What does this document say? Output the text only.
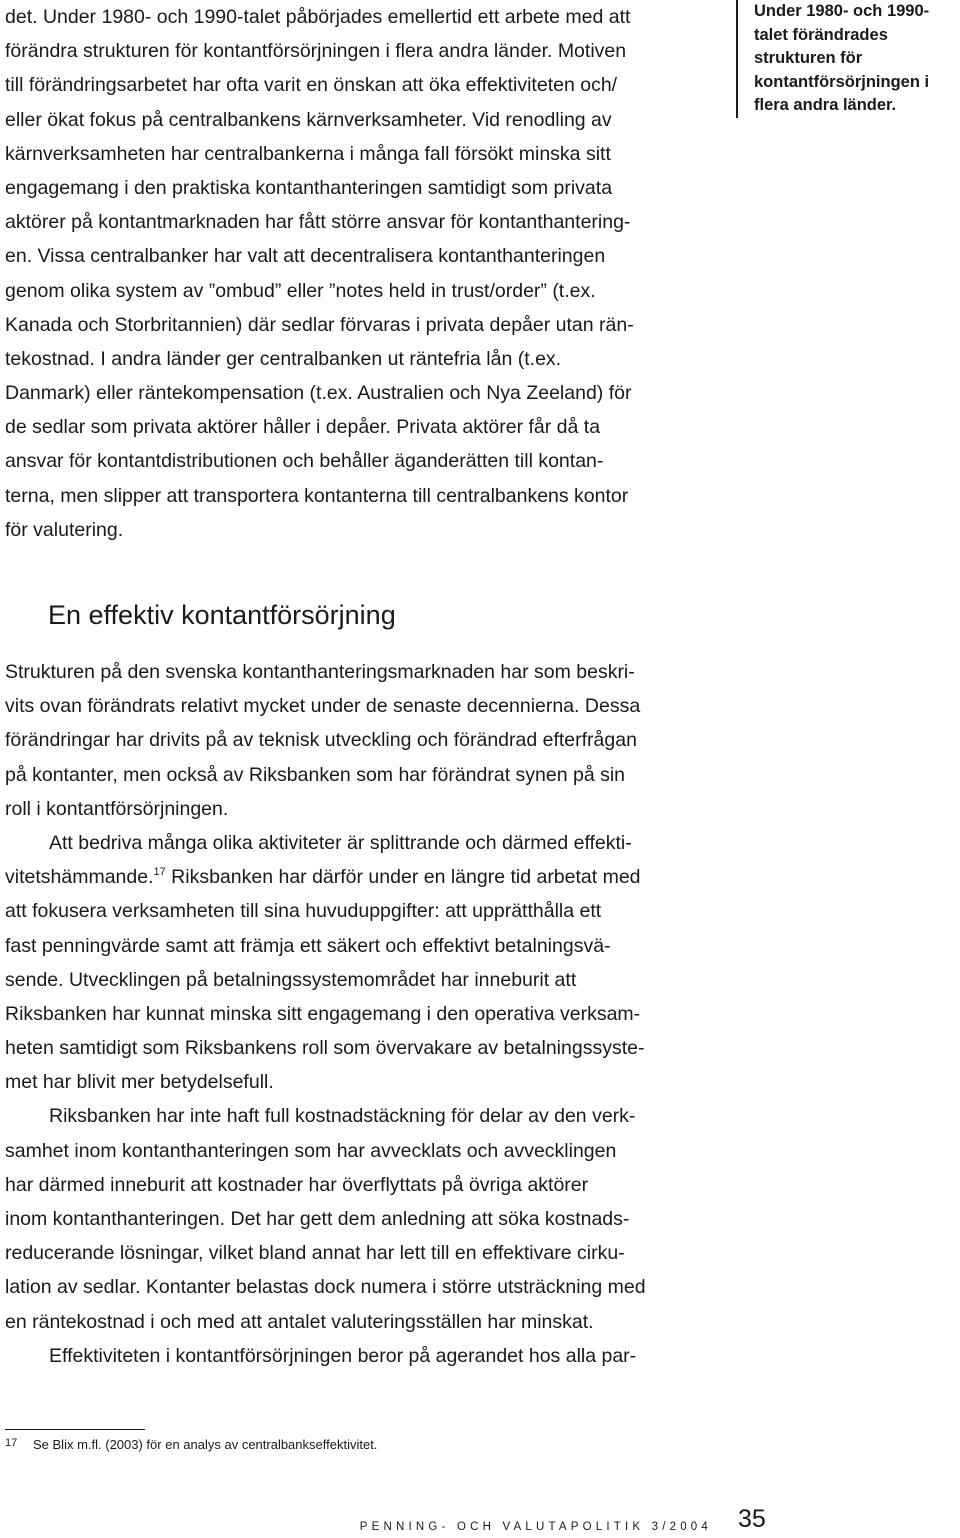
det. Under 1980- och 1990-talet påbörjades emellertid ett arbete med att
förändra strukturen för kontantförsörjningen i flera andra länder. Motiven
till förändringsarbetet har ofta varit en önskan att öka effektiviteten och/
eller ökat fokus på centralbankens kärnverksamheter. Vid renodling av
kärnverksamheten har centralbankerna i många fall försökt minska sitt
engagemang i den praktiska kontanthanteringen samtidigt som privata
aktörer på kontantmarknaden har fått större ansvar för kontanthantering-
en. Vissa centralbanker har valt att decentralisera kontanthanteringen
genom olika system av ”ombud” eller ”notes held in trust/order” (t.ex.
Kanada och Storbritannien) där sedlar förvaras i privata depåer utan rän-
tekostnad. I andra länder ger centralbanken ut räntefria lån (t.ex.
Danmark) eller räntekompensation (t.ex. Australien och Nya Zeeland) för
de sedlar som privata aktörer håller i depåer. Privata aktörer får då ta
ansvar för kontantdistributionen och behåller äganderätten till kontan-
terna, men slipper att transportera kontanterna till centralbankens kontor
för valutering.
Under 1980- och 1990-
talet förändrades
strukturen för
kontantförsörjningen i
flera andra länder.
En effektiv kontantförsörjning
Strukturen på den svenska kontanthanteringsmarknaden har som beskri-
vits ovan förändrats relativt mycket under de senaste decennierna. Dessa
förändringar har drivits på av teknisk utveckling och förändrad efterfrågan
på kontanter, men också av Riksbanken som har förändrat synen på sin
roll i kontantförsörjningen.
Att bedriva många olika aktiviteter är splittrande och därmed effekti-
vitetshämmande.$^{17}$ Riksbanken har därför under en längre tid arbetat med
att fokusera verksamheten till sina huvuduppgifter: att upprätthålla ett
fast penningvärde samt att främja ett säkert och effektivt betalningsvä-
sende. Utvecklingen på betalningssystemområdet har inneburit att
Riksbanken har kunnat minska sitt engagemang i den operativa verksam-
heten samtidigt som Riksbankens roll som övervakare av betalningssyste-
met har blivit mer betydelsefull.
Riksbanken har inte haft full kostnadstäckning för delar av den verk-
samhet inom kontanthanteringen som har avvecklats och avvecklingen
har därmed inneburit att kostnader har överflyttats på övriga aktörer
inom kontanthanteringen. Det har gett dem anledning att söka kostnads-
reducerande lösningar, vilket bland annat har lett till en effektivare cirku-
lation av sedlar. Kontanter belastas dock numera i större utsträckning med
en räntekostnad i och med att antalet valuteringsställen har minskat.
Effektiviteten i kontantförsörjningen beror på agerandet hos alla par-
17 Se Blix m.fl. (2003) för en analys av centralbankseffektivitet.
PENNING- OCH VALUTAPOLITIK 3/2004 35
